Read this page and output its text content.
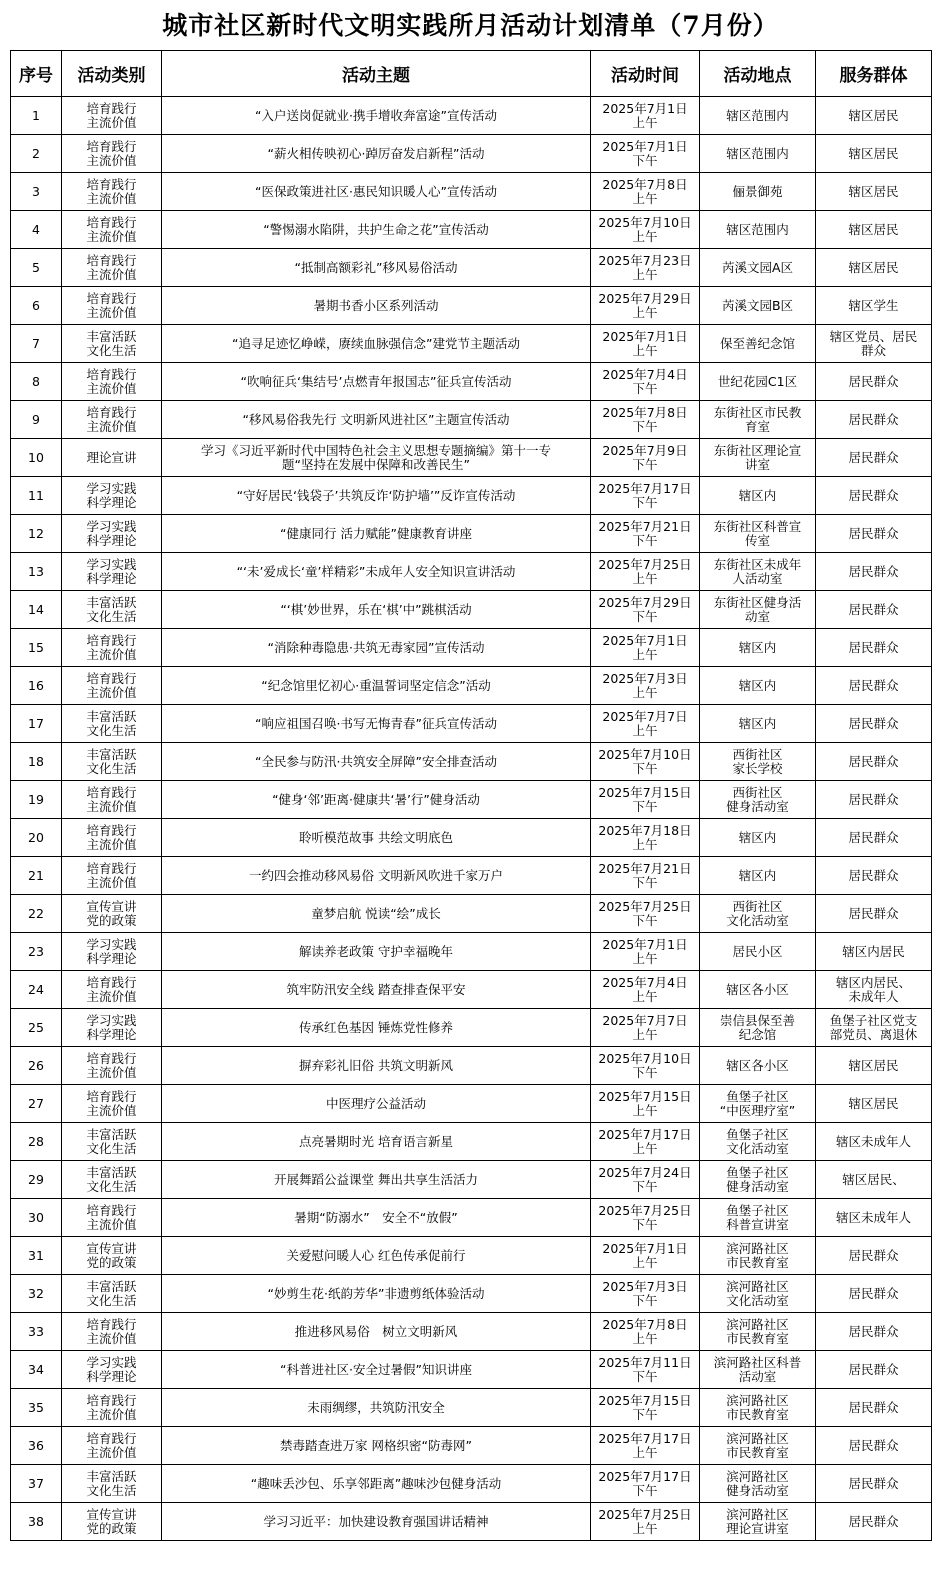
城市社区新时代文明实践所月活动计划清单（7月份）
序号	活动类别	活动主题	活动时间	活动地点	服务群体
1	培育践行
主流价值	“入户送岗促就业·携手增收奔富途”宣传活动	2025年7月1日
上午	辖区范围内	辖区居民
2	培育践行
主流价值	“薪火相传映初心·踔厉奋发启新程”活动	2025年7月1日
下午	辖区范围内	辖区居民
3	培育践行
主流价值	“医保政策进社区·惠民知识暖人心”宣传活动	2025年7月8日
上午	俪景御苑	辖区居民
4	培育践行
主流价值	“警惕溺水陷阱，共护生命之花”宣传活动	2025年7月10日
上午	辖区范围内	辖区居民
5	培育践行
主流价值	“抵制高额彩礼”移风易俗活动	2025年7月23日
上午	芮溪文园A区	辖区居民
6	培育践行
主流价值	暑期书香小区系列活动	2025年7月29日
上午	芮溪文园B区	辖区学生
7	丰富活跃
文化生活	“追寻足迹忆峥嵘，赓续血脉强信念”建党节主题活动	2025年7月1日
上午	保至善纪念馆	辖区党员、居民
群众
8	培育践行
主流价值	“吹响征兵‘集结号’点燃青年报国志”征兵宣传活动	2025年7月4日
下午	世纪花园C1区	居民群众
9	培育践行
主流价值	“移风易俗我先行 文明新风进社区”主题宣传活动	2025年7月8日
下午	东街社区市民教
育室	居民群众
10	理论宣讲	学习《习近平新时代中国特色社会主义思想专题摘编》第十一专
题“坚持在发展中保障和改善民生”	2025年7月9日
下午	东街社区理论宣
讲室	居民群众
11	学习实践
科学理论	“守好居民‘钱袋子’共筑反诈‘防护墙’”反诈宣传活动	2025年7月17日
下午	辖区内	居民群众
12	学习实践
科学理论	“健康同行 活力赋能”健康教育讲座	2025年7月21日
下午	东街社区科普宣
传室	居民群众
13	学习实践
科学理论	“‘未’爱成长‘童’样精彩”未成年人安全知识宣讲活动	2025年7月25日
上午	东街社区未成年
人活动室	居民群众
14	丰富活跃
文化生活	“‘棋’妙世界，乐在‘棋’中”跳棋活动	2025年7月29日
下午	东街社区健身活
动室	居民群众
15	培育践行
主流价值	“消除种毒隐患·共筑无毒家园”宣传活动	2025年7月1日
上午	辖区内	居民群众
16	培育践行
主流价值	“纪念馆里忆初心·重温誓词坚定信念”活动	2025年7月3日
上午	辖区内	居民群众
17	丰富活跃
文化生活	“响应祖国召唤·书写无悔青春”征兵宣传活动	2025年7月7日
上午	辖区内	居民群众
18	丰富活跃
文化生活	“全民参与防汛·共筑安全屏障”安全排查活动	2025年7月10日
下午	西街社区
家长学校	居民群众
19	培育践行
主流价值	“健身‘邻’距离·健康共‘暑’行”健身活动	2025年7月15日
下午	西街社区
健身活动室	居民群众
20	培育践行
主流价值	聆听模范故事 共绘文明底色	2025年7月18日
上午	辖区内	居民群众
21	培育践行
主流价值	一约四会推动移风易俗 文明新风吹进千家万户	2025年7月21日
下午	辖区内	居民群众
22	宣传宣讲
党的政策	童梦启航 悦读“绘”成长	2025年7月25日
下午	西街社区
文化活动室	居民群众
23	学习实践
科学理论	解读养老政策 守护幸福晚年	2025年7月1日
上午	居民小区	辖区内居民
24	培育践行
主流价值	筑牢防汛安全线 踏查排查保平安	2025年7月4日
上午	辖区各小区	辖区内居民、
未成年人
25	学习实践
科学理论	传承红色基因 锤炼党性修养	2025年7月7日
上午	崇信县保至善
纪念馆	鱼堡子社区党支
部党员、离退休
26	培育践行
主流价值	摒弃彩礼旧俗 共筑文明新风	2025年7月10日
下午	辖区各小区	辖区居民
27	培育践行
主流价值	中医理疗公益活动	2025年7月15日
上午	鱼堡子社区
“中医理疗室”	辖区居民
28	丰富活跃
文化生活	点亮暑期时光 培育语言新星	2025年7月17日
上午	鱼堡子社区
文化活动室	辖区未成年人
29	丰富活跃
文化生活	开展舞蹈公益课堂 舞出共享生活活力	2025年7月24日
下午	鱼堡子社区
健身活动室	辖区居民、
30	培育践行
主流价值	暑期“防溺水”　安全不“放假”	2025年7月25日
下午	鱼堡子社区
科普宣讲室	辖区未成年人
31	宣传宣讲
党的政策	关爱慰问暖人心 红色传承促前行	2025年7月1日
上午	滨河路社区
市民教育室	居民群众
32	丰富活跃
文化生活	“妙剪生花·纸韵芳华”非遗剪纸体验活动	2025年7月3日
下午	滨河路社区
文化活动室	居民群众
33	培育践行
主流价值	推进移风易俗　树立文明新风	2025年7月8日
上午	滨河路社区
市民教育室	居民群众
34	学习实践
科学理论	“科普进社区·安全过暑假”知识讲座	2025年7月11日
下午	滨河路社区科普
活动室	居民群众
35	培育践行
主流价值	未雨绸缪，共筑防汛安全	2025年7月15日
下午	滨河路社区
市民教育室	居民群众
36	培育践行
主流价值	禁毒踏查进万家 网格织密“防毒网”	2025年7月17日
上午	滨河路社区
市民教育室	居民群众
37	丰富活跃
文化生活	“趣味丢沙包、乐享邻距离”趣味沙包健身活动	2025年7月17日
下午	滨河路社区
健身活动室	居民群众
38	宣传宣讲
党的政策	学习习近平：加快建设教育强国讲话精神	2025年7月25日
上午	滨河路社区
理论宣讲室	居民群众
